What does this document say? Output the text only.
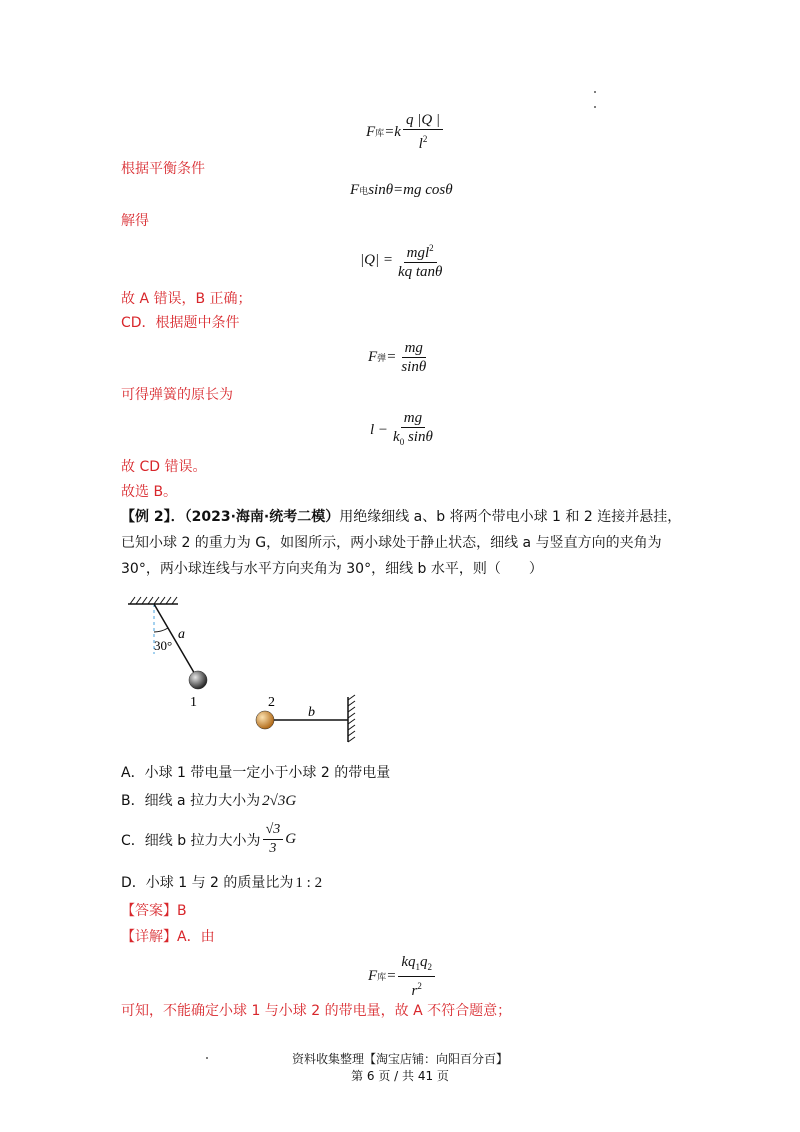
F 库 $=k \frac{q |Q |}{l^2}$
根据平衡条件
F 电 sinθ=mg cosθ
解得
$|Q| = \frac{mgl^2}{\text{kq tanθ}}$
故 A 错误，B 正确；
CD．根据题中条件
F 弹 = $\frac{mg}{\sin\theta}$
可得弹簧的原长为
$l - \frac{mg}{k_0 \sin\theta}$
故 CD 错误。
故选 B。
【例 2】．（2023·海南·统考二模）用绝缘细线 a、b 将两个带电小球 1 和 2 连接并悬挂，
已知小球 2 的重力为 G，如图所示，两小球处于静止状态，细线 a 与竖直方向的夹角为
30°，两小球连线与水平方向夹角为 30°，细线 b 水平，则（　　）
30°
a
1	2
b
A．小球 1 带电量一定小于小球 2 的带电量
B．细线 a 拉力大小为 2√3G
C．细线 b 拉力大小为 $\frac{√3}{3}$ G
D．小球 1 与 2 的质量比为 1 : 2
【答案】B
【详解】A．由
F 库 = $\frac{kq_1q_2}{r^2}$
可知，不能确定小球 1 与小球 2 的带电量，故 A 不符合题意；
资料收集整理【淘宝店铺：向阳百分百】
第 6 页 / 共 41 页
